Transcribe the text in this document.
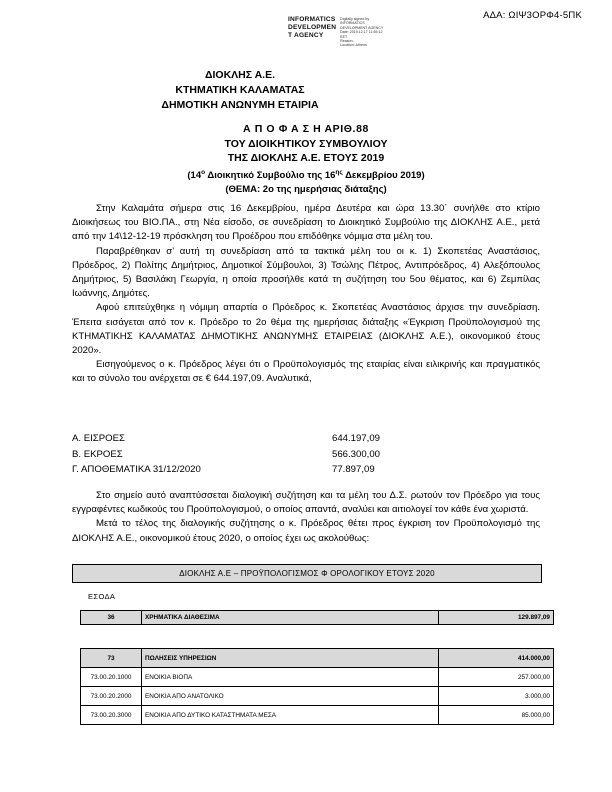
ΑΔΑ: ΩΙΨ3ΟΡΦ4-5ΠΚ
INFORMATICS
DEVELOPMEN
T AGENCY
Digitally signed by
INFORMATICS
DEVELOPMENT AGENCY
Date: 2019.12.17 11:55:12
EET
Reason:
Location: Athens
ΔΙΟΚΛΗΣ Α.Ε.
ΚΤΗΜΑΤΙΚΗ ΚΑΛΑΜΑΤΑΣ
ΔΗΜΟΤΙΚΗ ΑΝΩΝΥΜΗ ΕΤΑΙΡΙΑ
Α Π Ο Φ Α Σ Η ΑΡΙΘ.88
ΤΟΥ ΔΙΟΙΚΗΤΙΚΟΥ ΣΥΜΒΟΥΛΙΟΥ
ΤΗΣ ΔΙΟΚΛΗΣ Α.Ε. ΕΤΟΥΣ 2019
($14^o$ Διοικητικό Συμβούλιο της $16^{\eta\varsigma}$ Δεκεμβρίου 2019)
(ΘΕΜΑ: 2ο της ημερήσιας διάταξης)

Στην Καλαμάτα σήμερα στις 16 Δεκεμβρίου, ημέρα Δευτέρα και ώρα 13.30΄ συνήλθε στο κτίριο Διοικήσεως του ΒΙΟ.ΠΑ., στη Νέα είσοδο, σε συνεδρίαση το Διοικητικό Συμβούλιο της ΔΙΟΚΛΗΣ Α.Ε., μετά από την 14\12-12-19 πρόσκληση του Προέδρου που επιδόθηκε νόμιμα στα μέλη του.

Παραβρέθηκαν σ’ αυτή τη συνεδρίαση από τα τακτικά μέλη του οι κ. 1) Σκοπετέας Αναστάσιος, Πρόεδρος, 2) Πολίτης Δημήτριος, Δημοτικοί Σύμβουλοι, 3) Τσώλης Πέτρος, Αντιπρόεδρος, 4) Αλεξόπουλος Δημήτριος, 5) Βασιλάκη Γεωργία, η οποία προσήλθε κατά τη συζήτηση του 5ου θέματος, και 6) Ζεμπίλας Ιωάννης, Δημότες.

Αφού επιτεύχθηκε η νόμιμη απαρτία ο Πρόεδρος κ. Σκοπετέας Αναστάσιος άρχισε την συνεδρίαση. Έπειτα εισάγεται από τον κ. Πρόεδρο το 2ο θέμα της ημερήσιας διάταξης «Έγκριση Προϋπολογισμού της ΚΤΗΜΑΤΙΚΗΣ ΚΑΛΑΜΑΤΑΣ ΔΗΜΟΤΙΚΗΣ ΑΝΩΝΥΜΗΣ ΕΤΑΙΡΕΙΑΣ (ΔΙΟΚΛΗΣ Α.Ε.), οικονομικού έτους 2020».

Εισηγούμενος ο κ. Πρόεδρος λέγει ότι ο Προϋπολογισμός της εταιρίας είναι ειλικρινής και πραγματικός και το σύνολο του ανέρχεται σε € 644.197,09. Αναλυτικά,

Α. ΕΙΣΡΟΕΣ	644.197,09
Β. ΕΚΡΟΕΣ	566.300,00
Γ. ΑΠΟΘΕΜΑΤΙΚΑ 31/12/2020	77.897,09

Στο σημείο αυτό αναπτύσσεται διαλογική συζήτηση και τα μέλη του Δ.Σ. ρωτούν τον Πρόεδρο για τους εγγραφέντες κωδικούς του Προϋπολογισμού, ο οποίος απαντά, αναλύει και αιτιολογεί τον κάθε ένα χωριστά.

Μετά το τέλος της διαλογικής συζήτησης ο κ. Πρόεδρος θέτει προς έγκριση τον Προϋπολογισμό της ΔΙΟΚΛΗΣ Α.Ε., οικονομικού έτους 2020, ο οποίος έχει ως ακολούθως:

ΔΙΟΚΛΗΣ Α.Ε – ΠΡΟΫΠΟΛΟΓΙΣΜΟΣ Φ ΟΡΟΛΟΓΙΚΟΥ ΕΤΟΥΣ 2020
ΕΣΟΔΑ
36	ΧΡΗΜΑΤΙΚΑ ΔΙΑΘΕΣΙΜΑ	129.897,09
73	ΠΩΛΗΣΕΙΣ ΥΠΗΡΕΣΙΩΝ	414.000,00
73.00.20.1000	ΕΝΟΙΚΙΑ ΒΙΟΠΑ	257.000,00
73.00.20.2000	ΕΝΟΙΚΙΑ ΑΠΟ ΑΝΑΤΟΛΙΚΟ	3.000,00
73.00.20.3000	ΕΝΟΙΚΙΑ ΑΠΟ ΔΥΤΙΚΟ ΚΑΤΑΣΤΗΜΑΤΑ ΜΕΣΑ	85.000,00
